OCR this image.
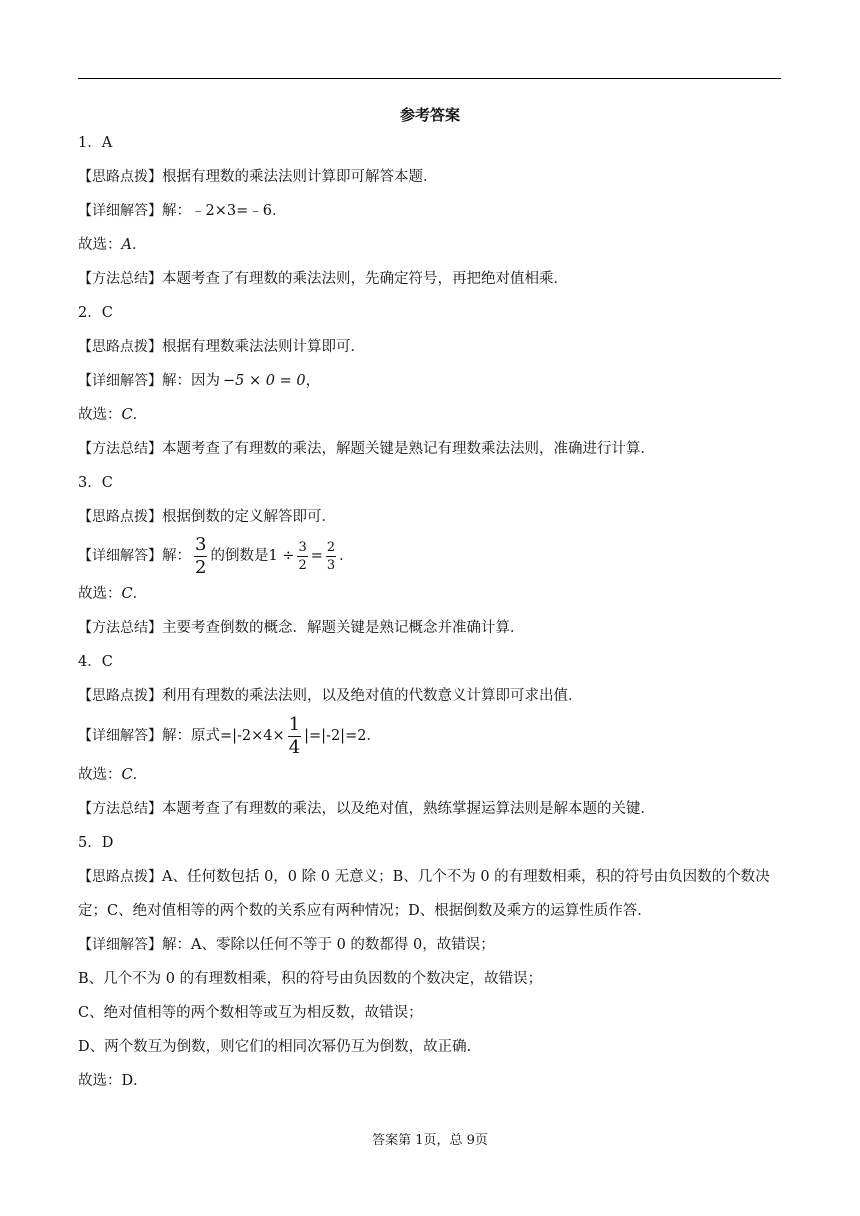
参考答案
1．A
【思路点拨】根据有理数的乘法法则计算即可解答本题．
【详细解答】解：﹣2×3=﹣6．
故选：A．
【方法总结】本题考查了有理数的乘法法则，先确定符号，再把绝对值相乘．
2．C
【思路点拨】根据有理数乘法法则计算即可．
【详细解答】解：因为 −5 × 0 = 0，
故选：C．
【方法总结】本题考查了有理数的乘法，解题关键是熟记有理数乘法法则，准确进行计算．
3．C
【思路点拨】根据倒数的定义解答即可．
【详细解答】解： $\frac{3}{2}$ 的倒数是$1 \div \frac{3}{2} = \frac{2}{3}$ ．
故选：C．
【方法总结】主要考查倒数的概念．解题关键是熟记概念并准确计算．
4．C
【思路点拨】利用有理数的乘法法则，以及绝对值的代数意义计算即可求出值．
【详细解答】解：原式$=|-2\times 4\times \frac{1}{4} |=|-2|=2$．
故选：C．
【方法总结】本题考查了有理数的乘法，以及绝对值，熟练掌握运算法则是解本题的关键．
5．D
【思路点拨】A、任何数包括 0，0 除 0 无意义；B、几个不为 0 的有理数相乘，积的符号由负因数的个数决
定；C、绝对值相等的两个数的关系应有两种情况；D、根据倒数及乘方的运算性质作答．
【详细解答】解：A、零除以任何不等于 0 的数都得 0，故错误；
B、几个不为 0 的有理数相乘，积的符号由负因数的个数决定，故错误；
C、绝对值相等的两个数相等或互为相反数，故错误；
D、两个数互为倒数，则它们的相同次幂仍互为倒数，故正确．
故选：D．
答案第 1页，总 9页
